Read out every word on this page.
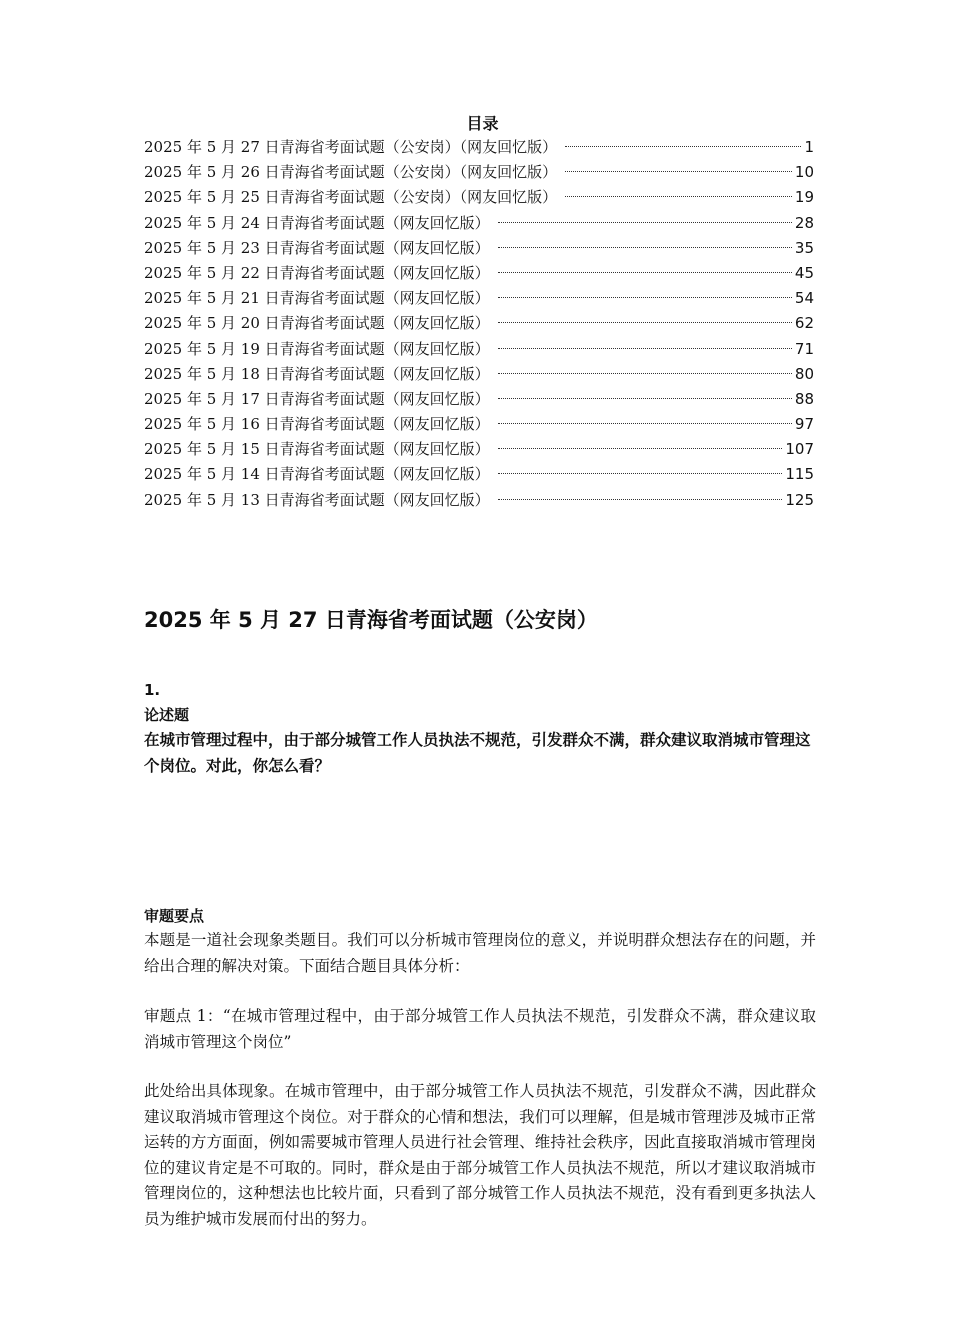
目录
2025 年 5 月 27 日青海省考面试题（公安岗）（网友回忆版）	1
2025 年 5 月 26 日青海省考面试题（公安岗）（网友回忆版）	10
2025 年 5 月 25 日青海省考面试题（公安岗）（网友回忆版）	19
2025 年 5 月 24 日青海省考面试题（网友回忆版）	28
2025 年 5 月 23 日青海省考面试题（网友回忆版）	35
2025 年 5 月 22 日青海省考面试题（网友回忆版）	45
2025 年 5 月 21 日青海省考面试题（网友回忆版）	54
2025 年 5 月 20 日青海省考面试题（网友回忆版）	62
2025 年 5 月 19 日青海省考面试题（网友回忆版）	71
2025 年 5 月 18 日青海省考面试题（网友回忆版）	80
2025 年 5 月 17 日青海省考面试题（网友回忆版）	88
2025 年 5 月 16 日青海省考面试题（网友回忆版）	97
2025 年 5 月 15 日青海省考面试题（网友回忆版）	107
2025 年 5 月 14 日青海省考面试题（网友回忆版）	115
2025 年 5 月 13 日青海省考面试题（网友回忆版）	125
2025 年 5 月 27 日青海省考面试题（公安岗）
1.
论述题

在城市管理过程中，由于部分城管工作人员执法不规范，引发群众不满，群众建议取消城市管理这个岗位。对此，你怎么看？

审题要点

本题是一道社会现象类题目。我们可以分析城市管理岗位的意义，并说明群众想法存在的问题，并给出合理的解决对策。下面结合题目具体分析：

审题点 1：“在城市管理过程中，由于部分城管工作人员执法不规范，引发群众不满，群众建议取消城市管理这个岗位”

此处给出具体现象。在城市管理中，由于部分城管工作人员执法不规范，引发群众不满，因此群众建议取消城市管理这个岗位。对于群众的心情和想法，我们可以理解，但是城市管理涉及城市正常运转的方方面面，例如需要城市管理人员进行社会管理、维持社会秩序，因此直接取消城市管理岗位的建议肯定是不可取的。同时，群众是由于部分城管工作人员执法不规范，所以才建议取消城市管理岗位的，这种想法也比较片面，只看到了部分城管工作人员执法不规范，没有看到更多执法人员为维护城市发展而付出的努力。
